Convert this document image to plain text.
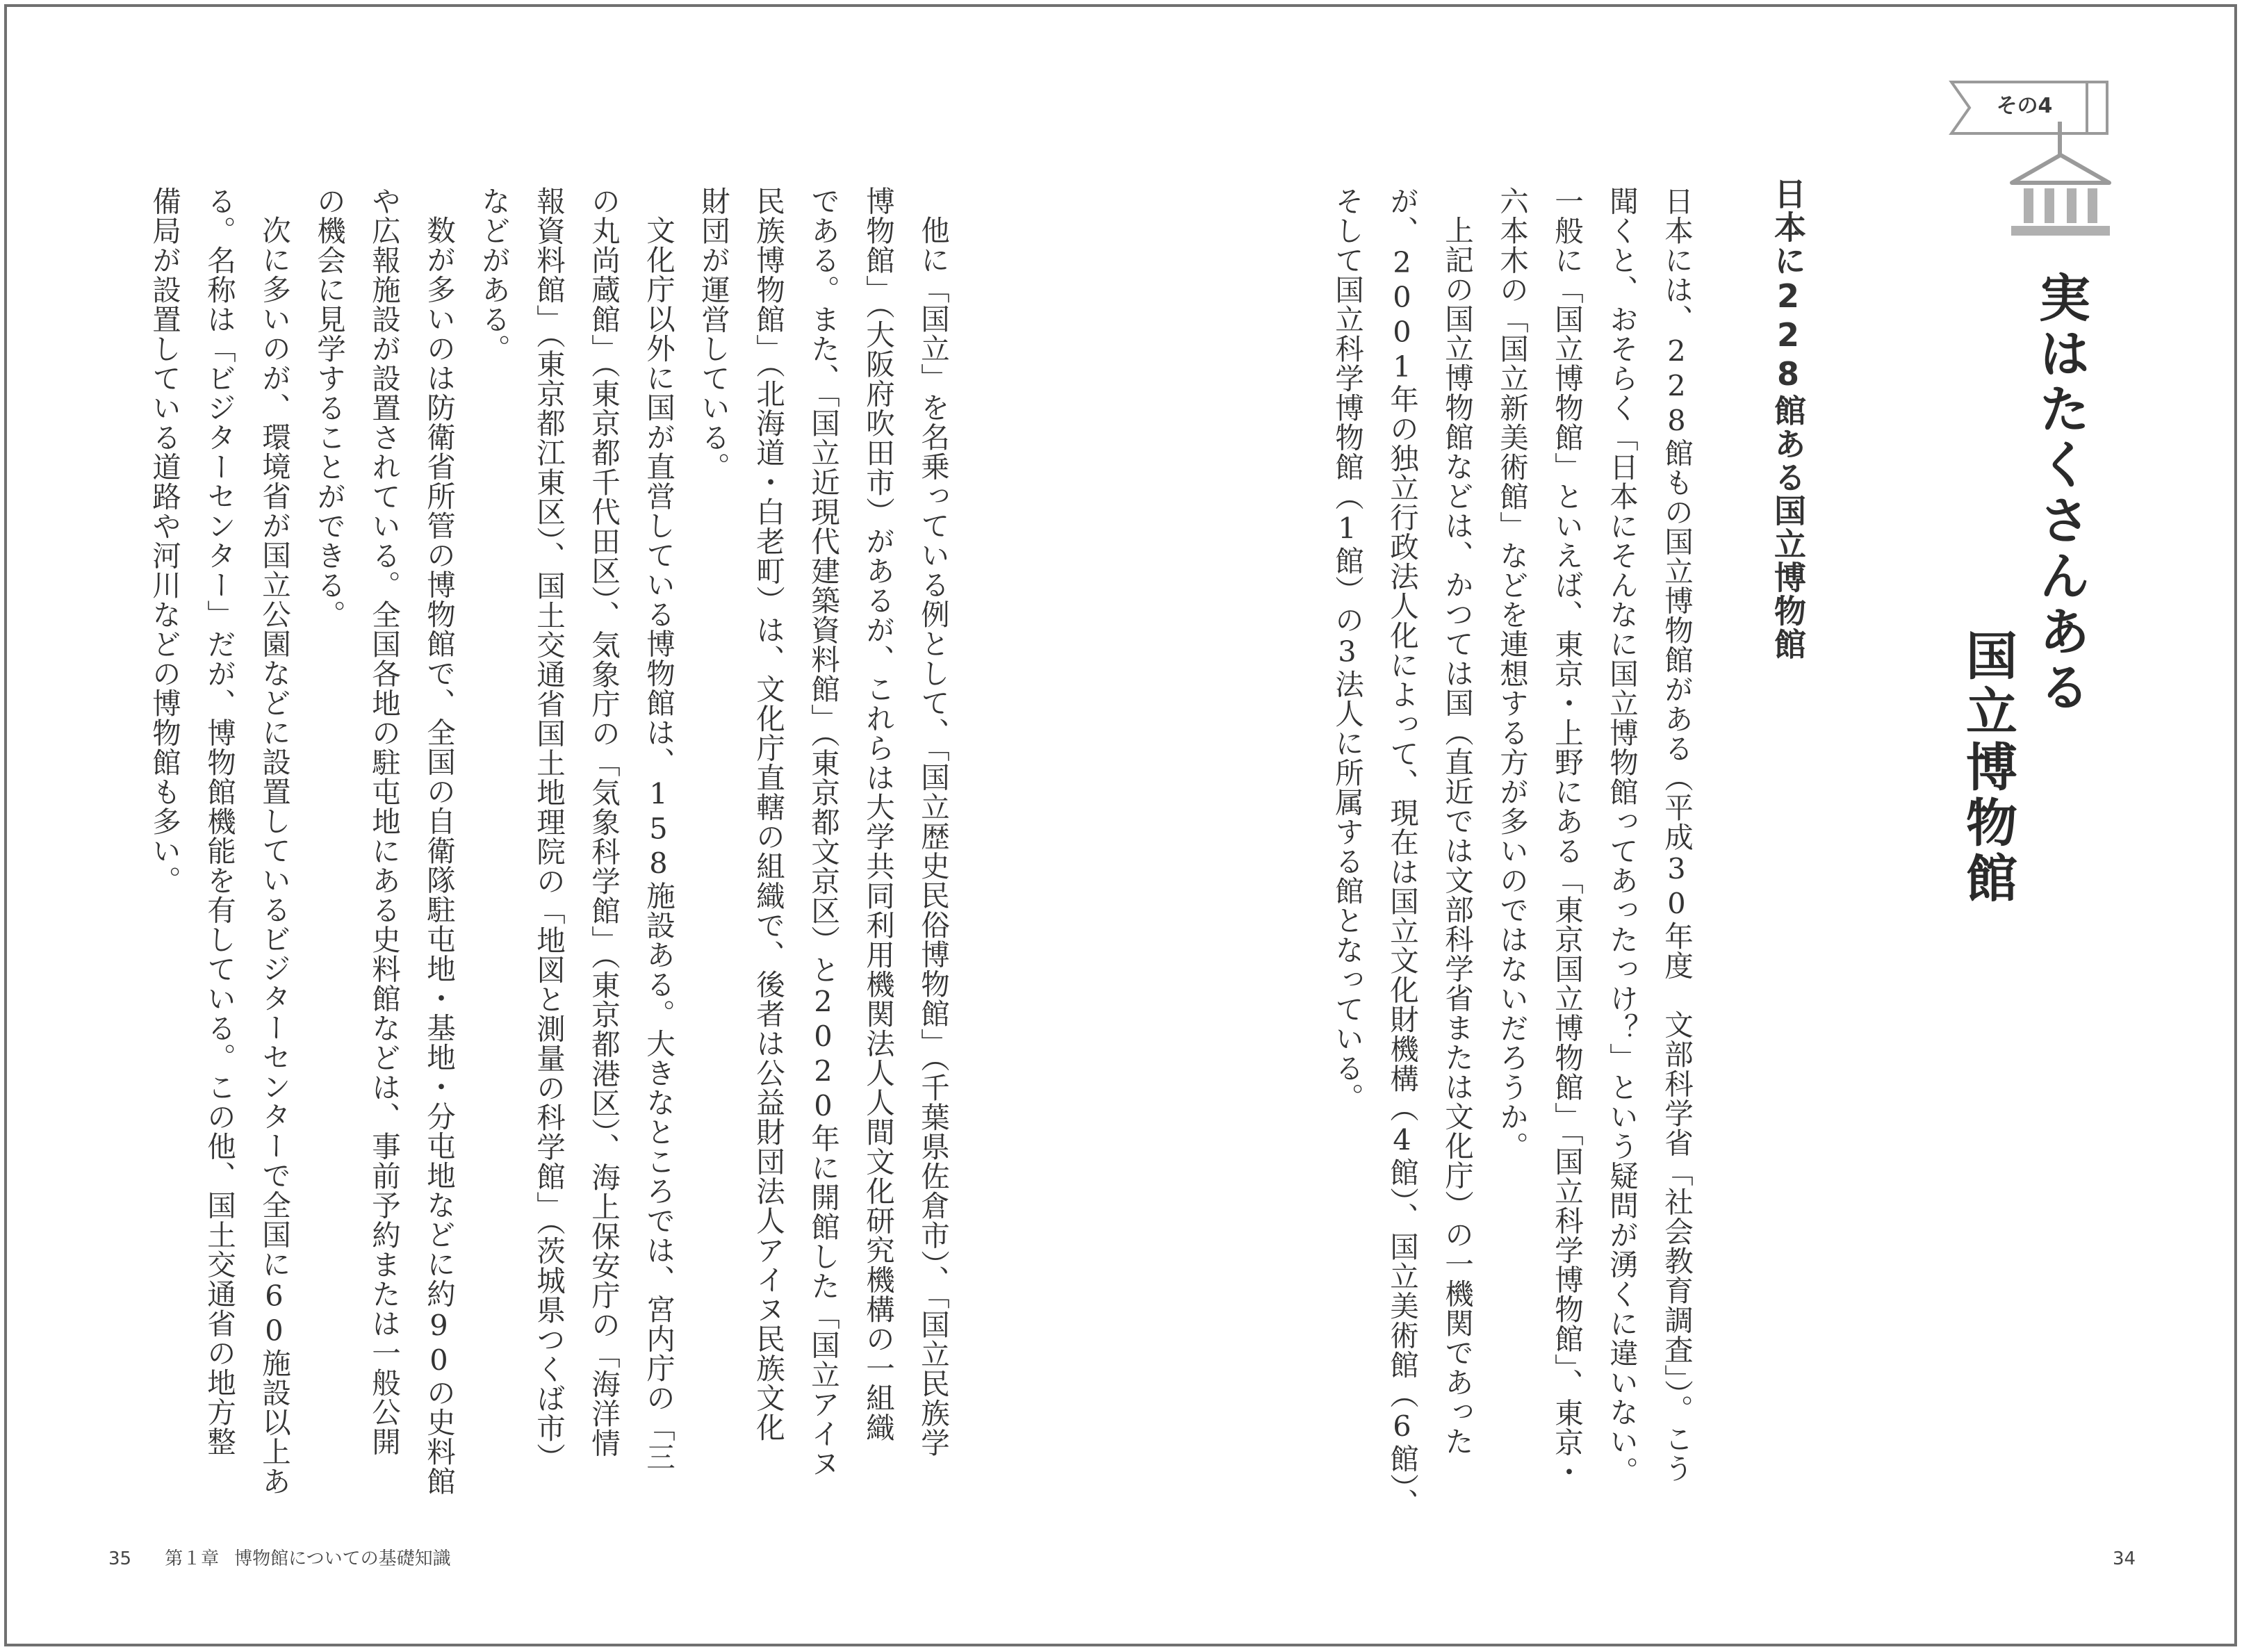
その4
実はたくさんある
国立博物館
日本に228館ある国立博物館
日本には、228館もの国立博物館がある（平成30年度　文部科学省「社会教育調査」）。こう
聞くと、おそらく「日本にそんなに国立博物館ってあったっけ？」という疑問が湧くに違いない。
一般に「国立博物館」といえば、東京・上野にある「東京国立博物館」「国立科学博物館」、東京・
六本木の「国立新美術館」などを連想する方が多いのではないだろうか。
上記の国立博物館などは、かつては国（直近では文部科学省または文化庁）の一機関であった
が、2001年の独立行政法人化によって、現在は国立文化財機構（4館）、国立美術館（6館）、
そして国立科学博物館（1館）の3法人に所属する館となっている。
他に「国立」を名乗っている例として、「国立歴史民俗博物館」（千葉県佐倉市）、「国立民族学
博物館」（大阪府吹田市）があるが、これらは大学共同利用機関法人人間文化研究機構の一組織
である。また、「国立近現代建築資料館」（東京都文京区）と2020年に開館した「国立アイヌ
民族博物館」（北海道・白老町）は、文化庁直轄の組織で、後者は公益財団法人アイヌ民族文化
財団が運営している。
文化庁以外に国が直営している博物館は、158施設ある。大きなところでは、宮内庁の「三
の丸尚蔵館」（東京都千代田区）、気象庁の「気象科学館」（東京都港区）、海上保安庁の「海洋情
報資料館」（東京都江東区）、国土交通省国土地理院の「地図と測量の科学館」（茨城県つくば市）
などがある。
数が多いのは防衛省所管の博物館で、全国の自衛隊駐屯地・基地・分屯地などに約90の史料館
や広報施設が設置されている。全国各地の駐屯地にある史料館などは、事前予約または一般公開
の機会に見学することができる。
次に多いのが、環境省が国立公園などに設置しているビジターセンターで全国に60施設以上あ
る。名称は「ビジターセンター」だが、博物館機能を有している。この他、国土交通省の地方整
備局が設置している道路や河川などの博物館も多い。
35 第１章 博物館についての基礎知識	34
